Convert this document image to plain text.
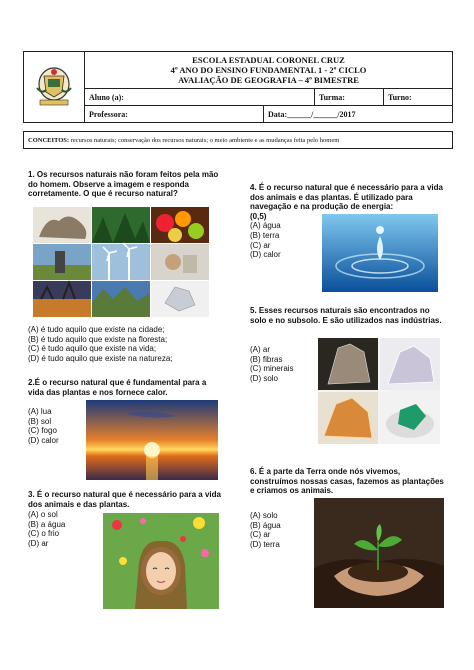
ESCOLA ESTADUAL CORONEL CRUZ
4º ANO DO ENSINO FUNDAMENTAL 1 - 2º CICLO
AVALIAÇÃO DE GEOGRAFIA – 4º BIMESTRE			

	Aluno (a):		Turma:	Turno:
	Professora:	Data:______/______/2017		
CONCEITOS: recursos naturais; conservação dos recursos naturais; o meio ambiente e as mudanças feita pelo homem
1. Os recursos naturais não foram feitos pela mão do homem. Observe a imagem e responda corretamente. O que é recurso natural?
(A) é tudo aquilo que existe na cidade;
(B) é tudo aquilo que existe na floresta;
(C) é tudo aquilo que existe na vida;
(D) é tudo aquilo que existe na natureza;
2.É o recurso natural que é fundamental para a vida das plantas e nos fornece calor.
(A) lua
(B) sol
(C) fogo
(D) calor
3. É o recurso natural que é necessário para a vida dos animais e das plantas.
(A) o sol
(B) a água
(C) o frio
(D) ar
4. É o recurso natural que é necessário para a vida dos animais e das plantas. É utilizado para navegação e na produção de energia:
(0,5)
(A) água
(B) terra
(C) ar
(D) calor
5. Esses recursos naturais são encontrados no solo e no subsolo. E são utilizados nas indústrias.
(A) ar
(B) fibras
(C) minerais
(D) solo
6. É a parte da Terra onde nós vivemos, construímos nossas casas, fazemos as plantações e criamos os animais.
(A) solo
(B) água
(C) ar
(D) terra
